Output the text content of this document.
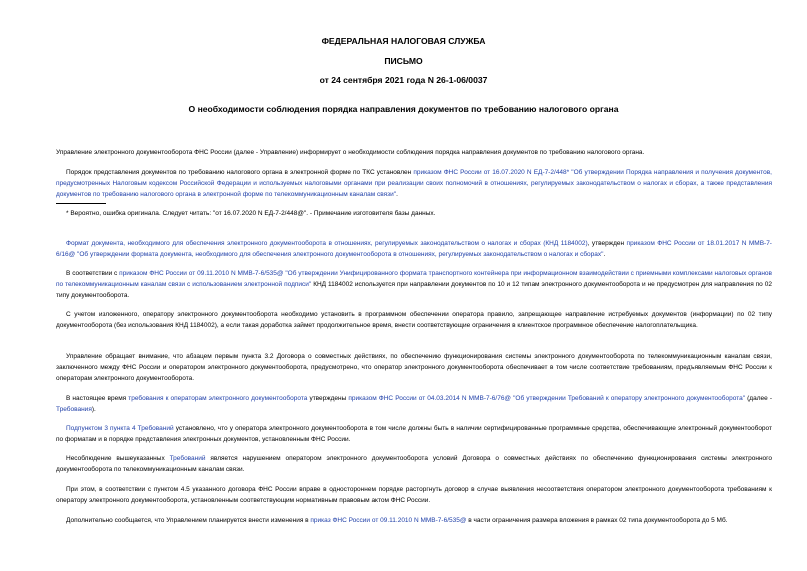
ФЕДЕРАЛЬНАЯ НАЛОГОВАЯ СЛУЖБА
ПИСЬМО
от 24 сентября 2021 года N 26-1-06/0037
О необходимости соблюдения порядка направления документов по требованию налогового органа

Управление электронного документооборота ФНС России (далее - Управление) информирует о необходимости соблюдения порядка направления документов по требованию налогового органа.

Порядок представления документов по требованию налогового органа в электронной форме по ТКС установлен приказом ФНС России от 16.07.2020 N ЕД-7-2/448* "Об утверждении Порядка направления и получения документов, предусмотренных Налоговым кодексом Российской Федерации и используемых налоговыми органами при реализации своих полномочий в отношениях, регулируемых законодательством о налогах и сборах, а также представления документов по требованию налогового органа в электронной форме по телекоммуникационным каналам связи".

* Вероятно, ошибка оригинала. Следует читать: "от 16.07.2020 N ЕД-7-2/448@". - Примечание изготовителя базы данных.

Формат документа, необходимого для обеспечения электронного документооборота в отношениях, регулируемых законодательством о налогах и сборах (КНД 1184002), утвержден приказом ФНС России от 18.01.2017 N ММВ-7-6/16@ "Об утверждении формата документа, необходимого для обеспечения электронного документооборота в отношениях, регулируемых законодательством о налогах и сборах".

В соответствии с приказом ФНС России от 09.11.2010 N ММВ-7-6/535@ "Об утверждении Унифицированного формата транспортного контейнера при информационном взаимодействии с приемными комплексами налоговых органов по телекоммуникационным каналам связи с использованием электронной подписи" КНД 1184002 используется при направлении документов по 10 и 12 типам электронного документооборота и не предусмотрен для направления по 02 типу документооборота.

С учетом изложенного, оператору электронного документооборота необходимо установить в программном обеспечении оператора правило, запрещающее направление истребуемых документов (информации) по 02 типу документооборота (без использования КНД 1184002), а если такая доработка займет продолжительное время, внести соответствующие ограничения в клиентское программное обеспечение налогоплательщика.

Управление обращает внимание, что абзацем первым пункта 3.2 Договора о совместных действиях, по обеспечению функционирования системы электронного документооборота по телекоммуникационным каналам связи, заключенного между ФНС России и оператором электронного документооборота, предусмотрено, что оператор электронного документооборота обеспечивает в том числе соответствие требованиям, предъявляемым ФНС России к операторам электронного документооборота.

В настоящее время требования к операторам электронного документооборота утверждены приказом ФНС России от 04.03.2014 N ММВ-7-6/76@ "Об утверждении Требований к оператору электронного документооборота" (далее - Требования).

Подпунктом 3 пункта 4 Требований установлено, что у оператора электронного документооборота в том числе должны быть в наличии сертифицированные программные средства, обеспечивающие электронный документооборот по форматам и в порядке представления электронных документов, установленным ФНС России.

Несоблюдение вышеуказанных Требований является нарушением оператором электронного документооборота условий Договора о совместных действиях по обеспечению функционирования системы электронного документооборота по телекоммуникационным каналам связи.

При этом, в соответствии с пунктом 4.5 указанного договора ФНС России вправе в одностороннем порядке расторгнуть договор в случае выявления несоответствия оператором электронного документооборота требованиям к оператору электронного документооборота, установленным соответствующим нормативным правовым актом ФНС России.

Дополнительно сообщается, что Управлением планируется внести изменения в приказ ФНС России от 09.11.2010 N ММВ-7-6/535@ в части ограничения размера вложения в рамках 02 типа документооборота до 5 Мб.
